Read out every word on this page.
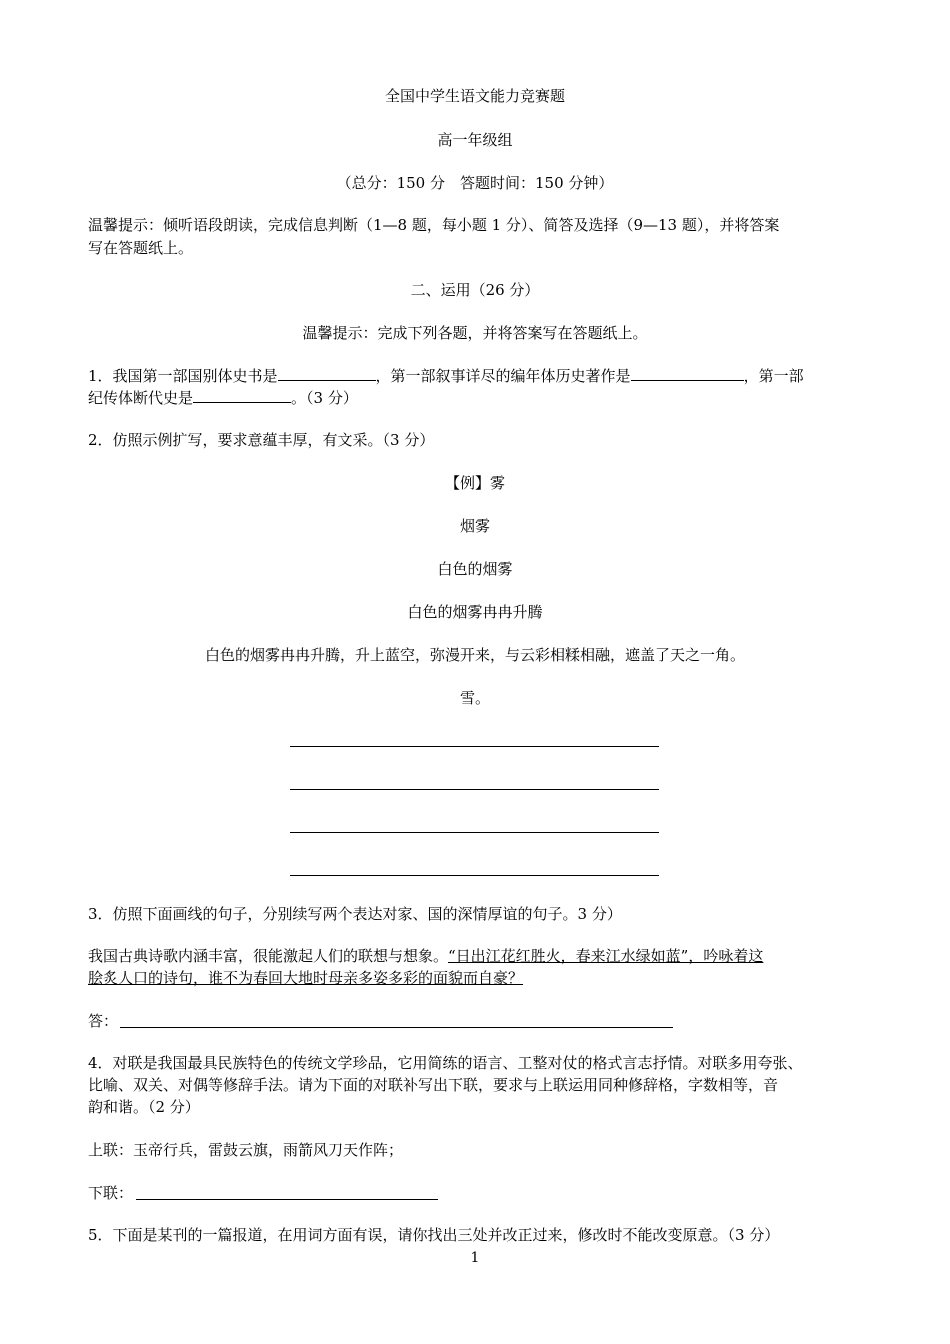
全国中学生语文能力竞赛题
高一年级组
（总分：150 分　答题时间：150 分钟）
温馨提示：倾听语段朗读，完成信息判断（1—8 题，每小题 1 分）、简答及选择（9—13 题），并将答案
写在答题纸上。
二、运用（26 分）
温馨提示：完成下列各题，并将答案写在答题纸上。
1．我国第一部国别体史书是	，第一部叙事详尽的编年体历史著作是	，第一部
纪传体断代史是	。（3 分）
2．仿照示例扩写，要求意蕴丰厚，有文采。（3 分）
【例】雾
烟雾
白色的烟雾
白色的烟雾冉冉升腾
白色的烟雾冉冉升腾，升上蓝空，弥漫开来，与云彩相糅相融，遮盖了天之一角。
雪。
3．仿照下面画线的句子，分别续写两个表达对家、国的深情厚谊的句子。3 分）
我国古典诗歌内涵丰富，很能激起人们的联想与想象。“日出江花红胜火，春来江水绿如蓝”，吟咏着这
脍炙人口的诗句，谁不为春回大地时母亲多姿多彩的面貌而自豪？
答：
4．对联是我国最具民族特色的传统文学珍品，它用简练的语言、工整对仗的格式言志抒情。对联多用夸张、
比喻、双关、对偶等修辞手法。请为下面的对联补写出下联，要求与上联运用同种修辞格，字数相等，音
韵和谐。（2 分）
上联：玉帝行兵，雷鼓云旗，雨箭风刀天作阵；
下联：
5．下面是某刊的一篇报道，在用词方面有误，请你找出三处并改正过来，修改时不能改变原意。（3 分）
1
